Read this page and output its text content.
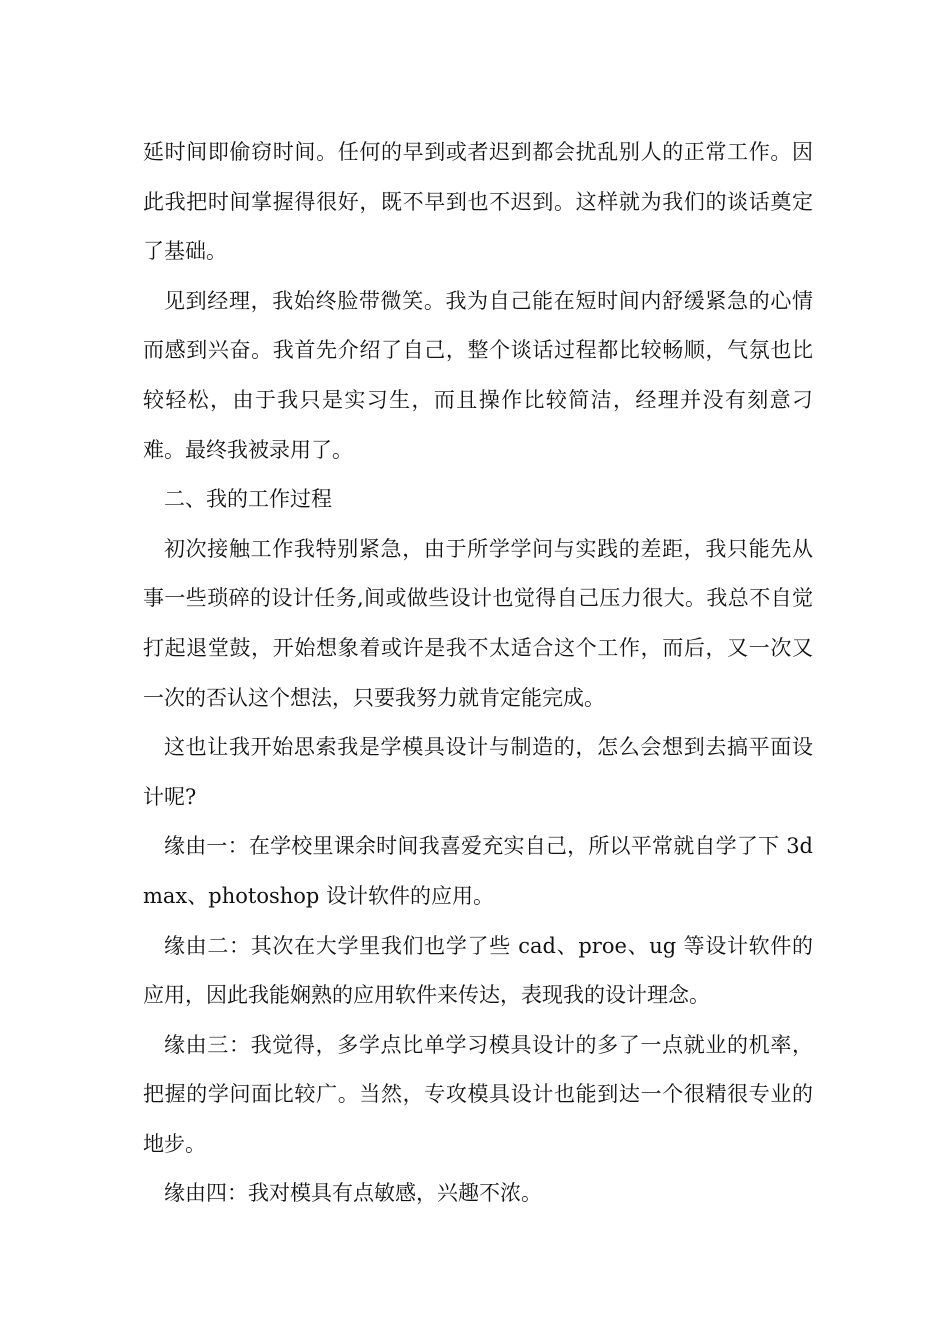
延时间即偷窃时间。任何的早到或者迟到都会扰乱别人的正常工作。因此我把时间掌握得很好，既不早到也不迟到。这样就为我们的谈话奠定了基础。

见到经理，我始终脸带微笑。我为自己能在短时间内舒缓紧急的心情而感到兴奋。我首先介绍了自己，整个谈话过程都比较畅顺，气氛也比较轻松，由于我只是实习生，而且操作比较简洁，经理并没有刻意刁难。最终我被录用了。

二、我的工作过程

初次接触工作我特别紧急，由于所学学问与实践的差距，我只能先从事一些琐碎的设计任务,间或做些设计也觉得自己压力很大。我总不自觉打起退堂鼓，开始想象着或许是我不太适合这个工作，而后，又一次又一次的否认这个想法，只要我努力就肯定能完成。

这也让我开始思索我是学模具设计与制造的，怎么会想到去搞平面设计呢?

缘由一：在学校里课余时间我喜爱充实自己，所以平常就自学了下 3dmax、photoshop 设计软件的应用。

缘由二：其次在大学里我们也学了些 cad、proe、ug 等设计软件的应用，因此我能娴熟的应用软件来传达，表现我的设计理念。

缘由三：我觉得，多学点比单学习模具设计的多了一点就业的机率，把握的学问面比较广。当然，专攻模具设计也能到达一个很精很专业的地步。

缘由四：我对模具有点敏感，兴趣不浓。
